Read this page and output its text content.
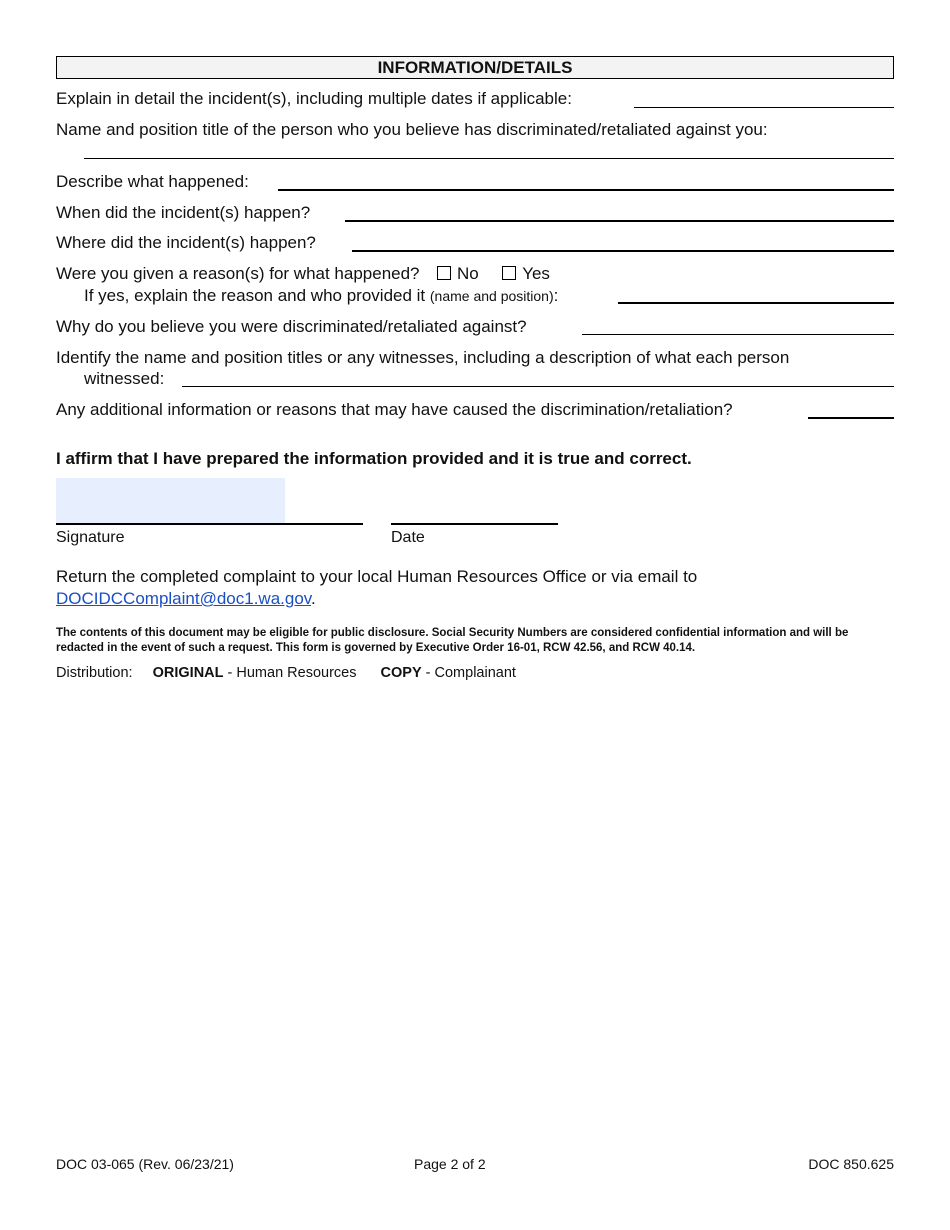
INFORMATION/DETAILS
Explain in detail the incident(s), including multiple dates if applicable:
Name and position title of the person who you believe has discriminated/retaliated against you:
Describe what happened:
When did the incident(s) happen?
Where did the incident(s) happen?
Were you given a reason(s) for what happened? No	Yes
If yes, explain the reason and who provided it (name and position):
Why do you believe you were discriminated/retaliated against?
Identify the name and position titles or any witnesses, including a description of what each person
witnessed:
Any additional information or reasons that may have caused the discrimination/retaliation?
I affirm that I have prepared the information provided and it is true and correct.
Signature	Date
Return the completed complaint to your local Human Resources Office or via email to
DOCIDCComplaint@doc1.wa.gov.
The contents of this document may be eligible for public disclosure. Social Security Numbers are considered confidential information and will be redacted in the event of such a request. This form is governed by Executive Order 16-01, RCW 42.56, and RCW 40.14.
Distribution: ORIGINAL - Human Resources COPY - Complainant
DOC 03-065 (Rev. 06/23/21)	Page 2 of 2	DOC 850.625
